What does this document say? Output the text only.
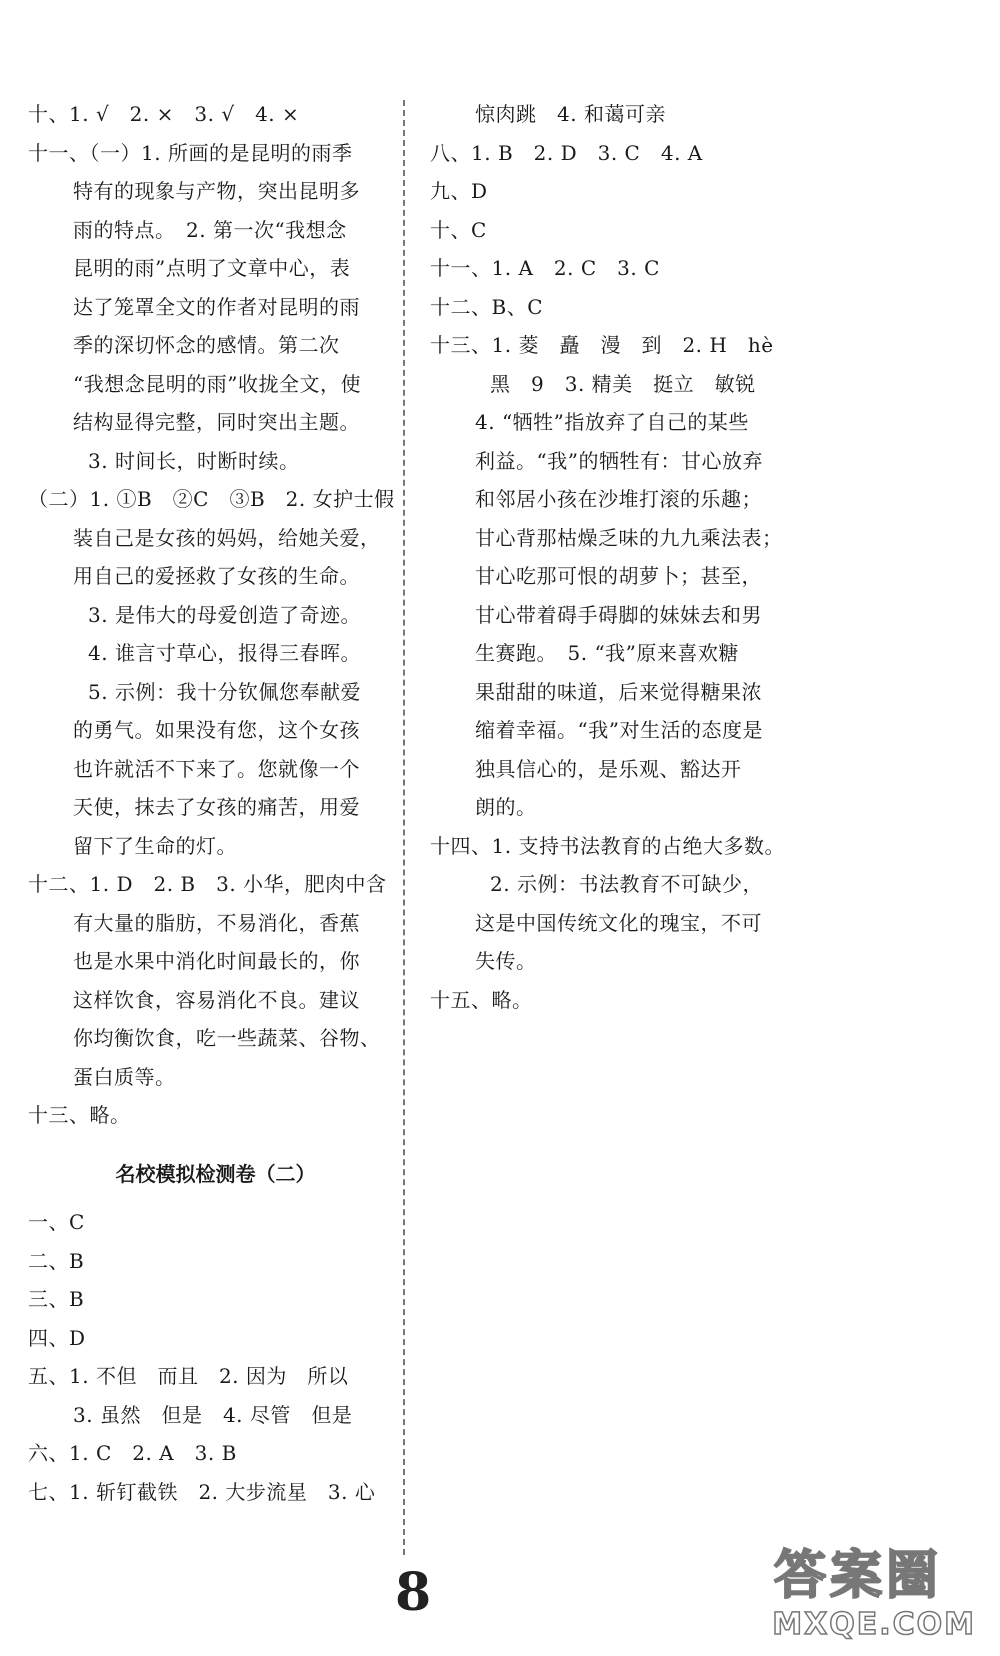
十、1. √　2. ×　3. √　4. ×
十一、（一）1. 所画的是昆明的雨季
特有的现象与产物，突出昆明多
雨的特点。　2. 第一次“我想念
昆明的雨”点明了文章中心，表
达了笼罩全文的作者对昆明的雨
季的深切怀念的感情。第二次
“我想念昆明的雨”收拢全文，使
结构显得完整，同时突出主题。
3. 时间长，时断时续。
（二）1. ①B　②C　③B　2. 女护士假
装自己是女孩的妈妈，给她关爱，
用自己的爱拯救了女孩的生命。
3. 是伟大的母爱创造了奇迹。
4. 谁言寸草心，报得三春晖。
5. 示例：我十分钦佩您奉献爱
的勇气。如果没有您，这个女孩
也许就活不下来了。您就像一个
天使，抹去了女孩的痛苦，用爱
留下了生命的灯。
十二、1. D　2. B　3. 小华，肥肉中含
有大量的脂肪，不易消化，香蕉
也是水果中消化时间最长的，你
这样饮食，容易消化不良。建议
你均衡饮食，吃一些蔬菜、谷物、
蛋白质等。
十三、略。
名校模拟检测卷（二）
一、C
二、B
三、B
四、D
五、1. 不但　而且　2. 因为　所以
3. 虽然　但是　4. 尽管　但是
六、1. C　2. A　3. B
七、1. 斩钉截铁　2. 大步流星　3. 心
惊肉跳　4. 和蔼可亲
八、1. B　2. D　3. C　4. A
九、D
十、C
十一、1. A　2. C　3. C
十二、B、C
十三、1. 菱　矗　漫　到　2. H　hè
黑　9　3. 精美　挺立　敏锐
4. “牺牲”指放弃了自己的某些
利益。“我”的牺牲有：甘心放弃
和邻居小孩在沙堆打滚的乐趣；
甘心背那枯燥乏味的九九乘法表；
甘心吃那可恨的胡萝卜；甚至，
甘心带着碍手碍脚的妹妹去和男
生赛跑。　5. “我”原来喜欢糖
果甜甜的味道，后来觉得糖果浓
缩着幸福。“我”对生活的态度是
独具信心的，是乐观、豁达开
朗的。
十四、1. 支持书法教育的占绝大多数。
2. 示例：书法教育不可缺少，
这是中国传统文化的瑰宝，不可
失传。
十五、略。
8	答案圈
MXQE.COM
